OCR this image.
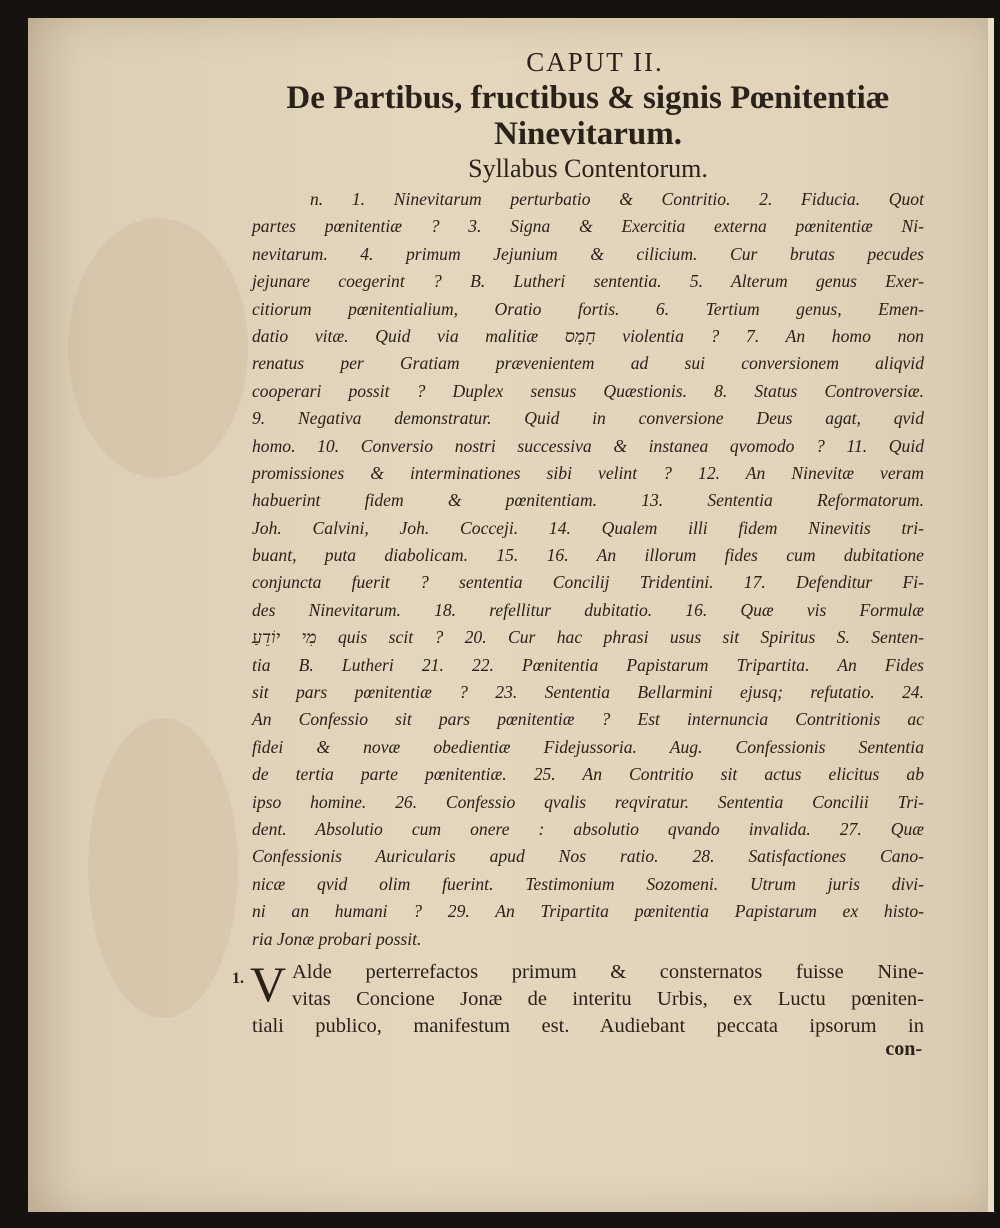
CAPUT II.
De Partibus, fructibus & signis Pœnitentiæ
Ninevitarum.
Syllabus Contentorum.
n. 1. Ninevitarum perturbatio & Contritio. 2. Fiducia. Quot
partes pœnitentiæ ? 3. Signa & Exercitia externa pœnitentiæ Ni-
nevitarum. 4. primum Jejunium & cilicium. Cur brutas pecudes
jejunare coegerint ? B. Lutheri sententia. 5. Alterum genus Exer-
citiorum pœnitentialium, Oratio fortis. 6. Tertium genus, Emen-
datio vitæ. Quid via malitiæ חָמָס violentia ? 7. An homo non
renatus per Gratiam prævenientem ad sui conversionem aliqvid
cooperari possit ? Duplex sensus Quæstionis. 8. Status Controversiæ.
9. Negativa demonstratur. Quid in conversione Deus agat, qvid
homo. 10. Conversio nostri successiva & instanea qvomodo ? 11. Quid
promissiones & interminationes sibi velint ? 12. An Ninevitæ veram
habuerint fidem & pœnitentiam. 13. Sententia Reformatorum.
Joh. Calvini, Joh. Cocceji. 14. Qualem illi fidem Ninevitis tri-
buant, puta diabolicam. 15. 16. An illorum fides cum dubitatione
conjuncta fuerit ? sententia Concilij Tridentini. 17. Defenditur Fi-
des Ninevitarum. 18. refellitur dubitatio. 16. Quæ vis Formulæ
מִי יוֹדֵעַ quis scit ? 20. Cur hac phrasi usus sit Spiritus S. Senten-
tia B. Lutheri 21. 22. Pœnitentia Papistarum Tripartita. An Fides
sit pars pœnitentiæ ? 23. Sententia Bellarmini ejusq; refutatio. 24.
An Confessio sit pars pœnitentiæ ? Est internuncia Contritionis ac
fidei & novæ obedientiæ Fidejussoria. Aug. Confessionis Sententia
de tertia parte pœnitentiæ. 25. An Contritio sit actus elicitus ab
ipso homine. 26. Confessio qvalis reqviratur. Sententia Concilii Tri-
dent. Absolutio cum onere : absolutio qvando invalida. 27. Quæ
Confessionis Auricularis apud Nos ratio. 28. Satisfactiones Cano-
nicæ qvid olim fuerint. Testimonium Sozomeni. Utrum juris divi-
ni an humani ? 29. An Tripartita pœnitentia Papistarum ex histo-
ria Jonæ probari possit.
1. V Alde perterrefactos primum & consternatos fuisse Nine-
vitas Concione Jonæ de interitu Urbis, ex Luctu pœniten-
tiali publico, manifestum est. Audiebant peccata ipsorum in
con-
